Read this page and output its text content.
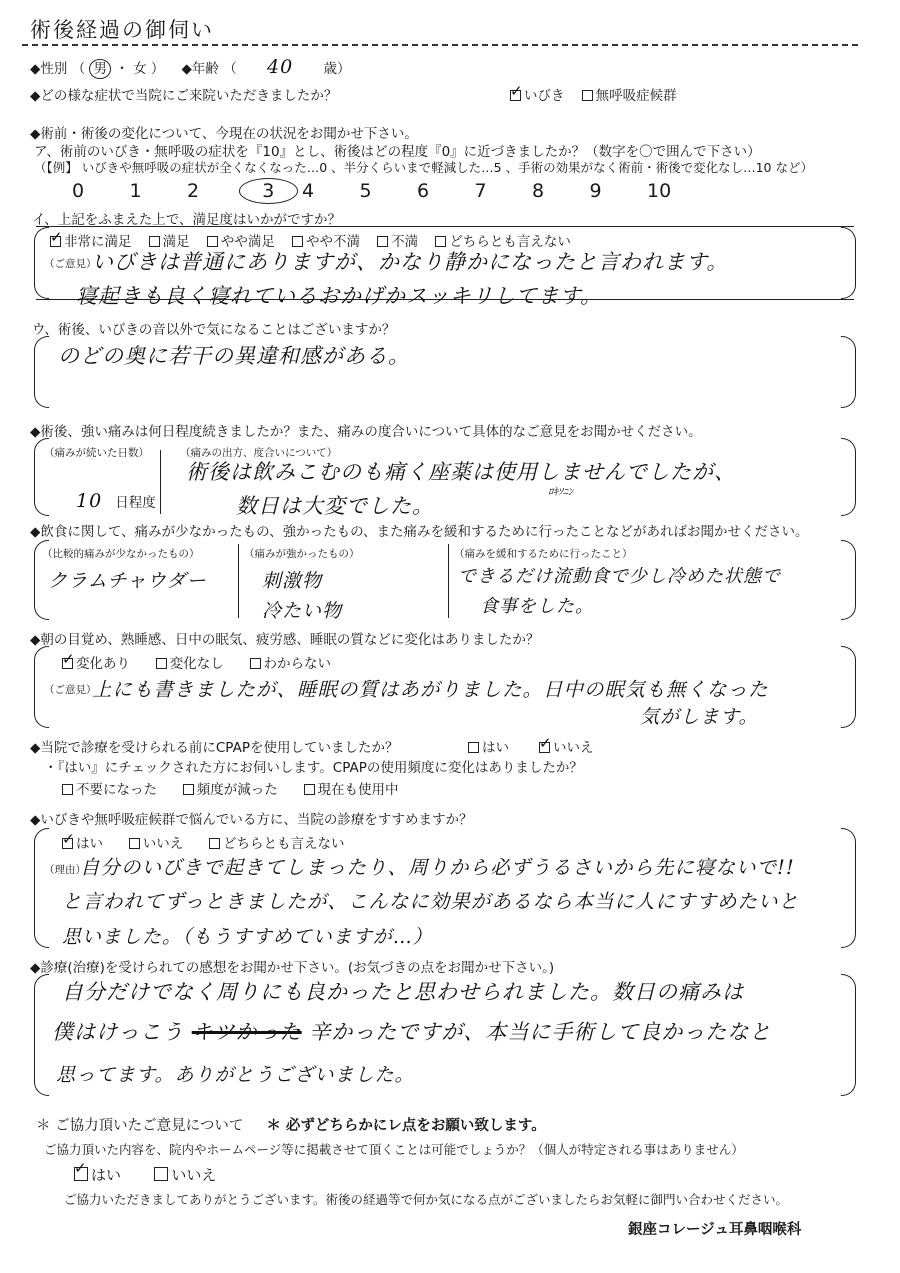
術後経過の御伺い
◆性別 （ 男 ・ 女 ） ◆年齢 （ 40 歳）
◆どの様な症状で当院にご来院いただきましたか？ ✓	いびき 無呼吸症候群
◆術前・術後の変化について、今現在の状況をお聞かせ下さい。
ア、術前のいびき・無呼吸の症状を『10』とし、術後はどの程度『0』に近づきましたか？（数字を〇で囲んで下さい）
（【例】 いびきや無呼吸の症状が全くなくなった…0 、半分くらいまで軽減した…5 、手術の効果がなく術前・術後で変化なし…10 など）
0 1 2	3 4 5 6 7 8 9 10
イ、上記をふまえた上で、満足度はいかがですか？
✓非常に満足 満足 やや満足 やや不満 不満 どちらとも言えない
（ご意見）
いびきは普通にありますが、かなり静かになったと言われます。
寝起きも良く寝れているおかげかスッキリしてます。
ウ、術後、いびきの音以外で気になることはございますか？
のどの奥に若干の異違和感がある。
◆術後、強い痛みは何日程度続きましたか？また、痛みの度合いについて具体的なご意見をお聞かせください。
（痛みが続いた日数）
10 日程度
（痛みの出方、度合いについて）
術後は飲みこむのも痛く座薬は使用しませんでしたが、
ﾛｷｿﾆﾝ
数日は大変でした。
◆飲食に関して、痛みが少なかったもの、強かったもの、また痛みを緩和するために行ったことなどがあればお聞かせください。
（比較的痛みが少なかったもの）
クラムチャウダー
（痛みが強かったもの）
刺激物
冷たい物
（痛みを緩和するために行ったこと）
できるだけ流動食で少し冷めた状態で
食事をした。
◆朝の目覚め、熟睡感、日中の眠気、疲労感、睡眠の質などに変化はありましたか？
✓変化あり	変化なし	わからない
（ご意見）
上にも書きましたが、睡眠の質はあがりました。日中の眠気も無くなった
気がします。
◆当院で診療を受けられる前にCPAPを使用していましたか？	はい ✓	いいえ
・『はい』にチェックされた方にお伺いします。CPAPの使用頻度に変化はありましたか？
不要になった	頻度が減った	現在も使用中
◆いびきや無呼吸症候群で悩んでいる方に、当院の診療をすすめますか？
✓はい	いいえ	どちらとも言えない
（理由）
自分のいびきで起きてしまったり、周りから必ずうるさいから先に寝ないで!!
と言われてずっときましたが、こんなに効果があるなら本当に人にすすめたいと
思いました。（もうすすめていますが…）
◆診療(治療)を受けられての感想をお聞かせ下さい。(お気づきの点をお聞かせ下さい。)
自分だけでなく周りにも良かったと思わせられました。数日の痛みは
僕はけっこう キツかった 辛かったですが、本当に手術して良かったなと
思ってます。ありがとうございました。
＊ ご協力頂いたご意見について ＊ 必ずどちらかにレ点をお願い致します。
ご協力頂いた内容を、院内やホームページ等に掲載させて頂くことは可能でしょうか？（個人が特定される事はありません）
✓はい	いいえ
ご協力いただきましてありがとうございます。術後の経過等で何か気になる点がございましたらお気軽に御門い合わせください。
銀座コレージュ耳鼻咽喉科
